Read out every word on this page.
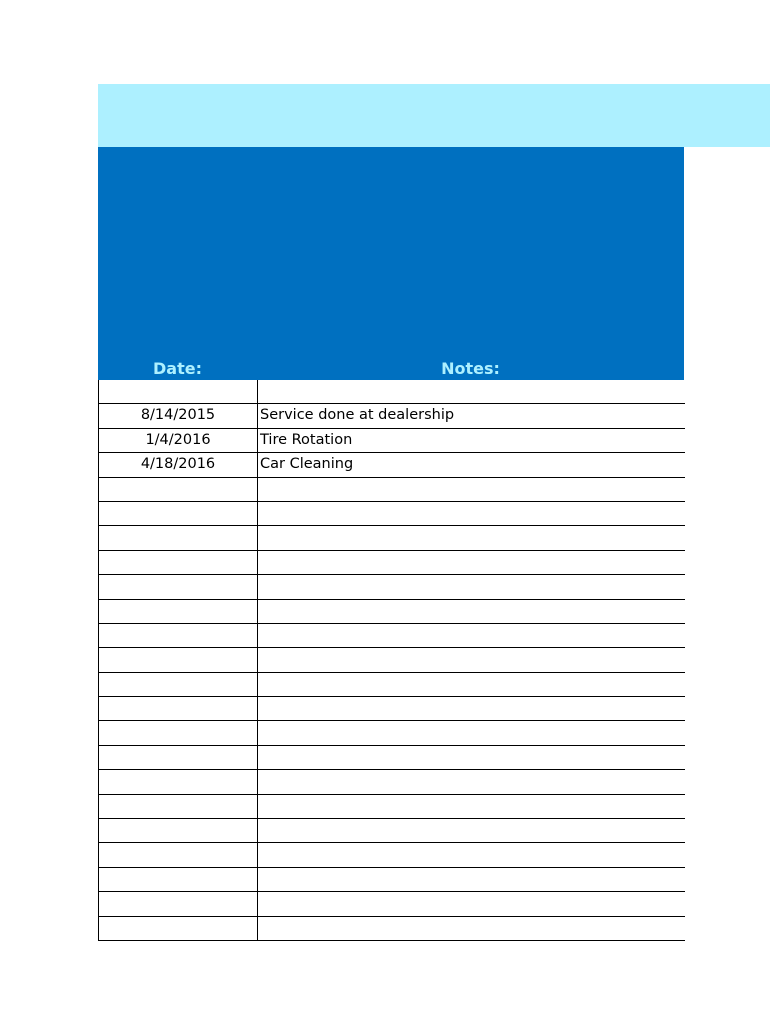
Date:	Notes:
8/14/2015	Service done at dealership
1/4/2016	Tire Rotation
4/18/2016	Car Cleaning
